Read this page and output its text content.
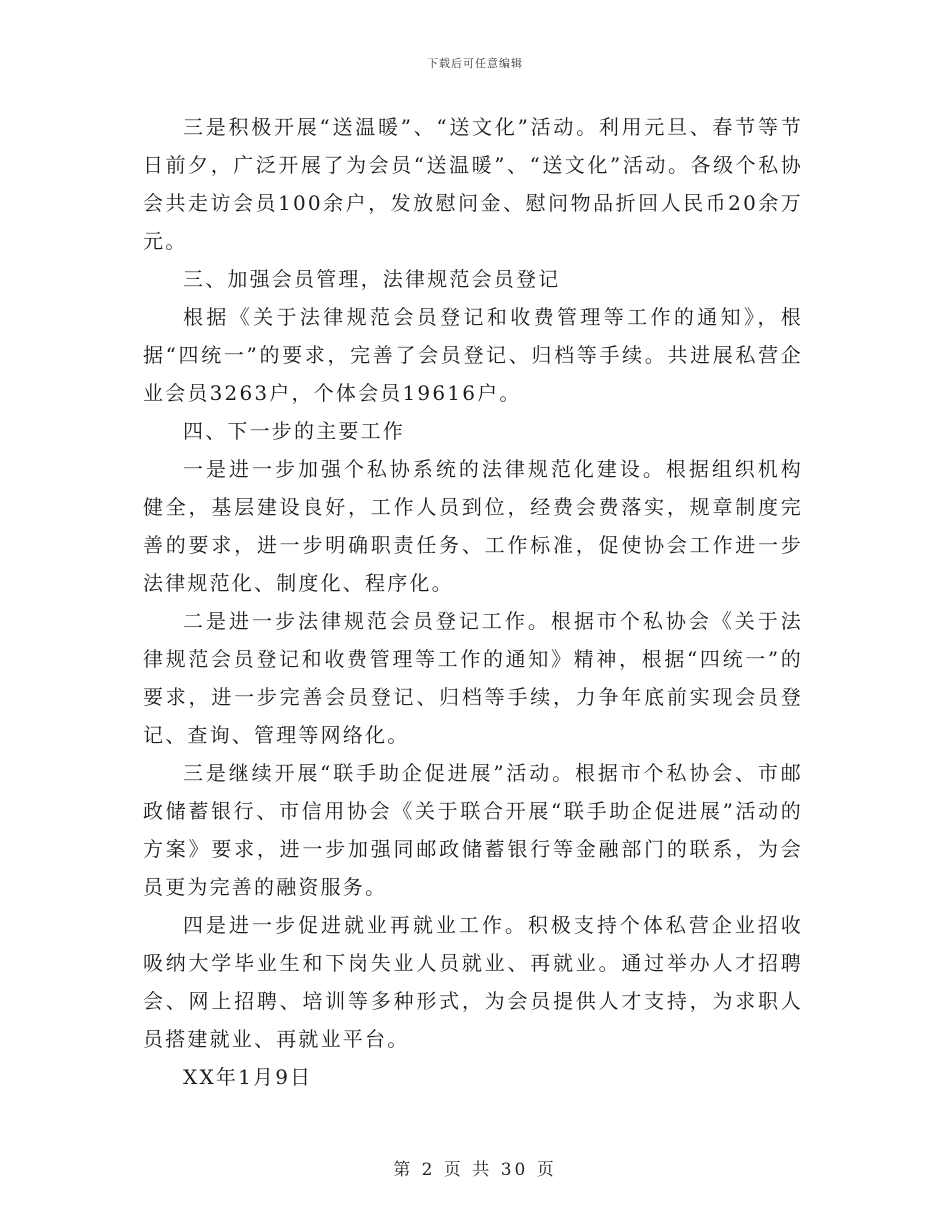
下载后可任意编辑

三是积极开展“送温暖”、“送文化”活动。利用元旦、春节等节日前夕，广泛开展了为会员“送温暖”、“送文化”活动。各级个私协会共走访会员100余户，发放慰问金、慰问物品折回人民币20余万元。

三、加强会员管理，法律规范会员登记

根据《关于法律规范会员登记和收费管理等工作的通知》，根据“四统一”的要求，完善了会员登记、归档等手续。共进展私营企业会员3263户，个体会员19616户。

四、下一步的主要工作

一是进一步加强个私协系统的法律规范化建设。根据组织机构健全，基层建设良好，工作人员到位，经费会费落实，规章制度完善的要求，进一步明确职责任务、工作标准，促使协会工作进一步法律规范化、制度化、程序化。

二是进一步法律规范会员登记工作。根据市个私协会《关于法律规范会员登记和收费管理等工作的通知》精神，根据“四统一”的要求，进一步完善会员登记、归档等手续，力争年底前实现会员登记、查询、管理等网络化。

三是继续开展“联手助企促进展”活动。根据市个私协会、市邮政储蓄银行、市信用协会《关于联合开展“联手助企促进展”活动的方案》要求，进一步加强同邮政储蓄银行等金融部门的联系，为会员更为完善的融资服务。

四是进一步促进就业再就业工作。积极支持个体私营企业招收吸纳大学毕业生和下岗失业人员就业、再就业。通过举办人才招聘会、网上招聘、培训等多种形式，为会员提供人才支持，为求职人员搭建就业、再就业平台。

XX年1月9日

第 2 页 共 30 页
